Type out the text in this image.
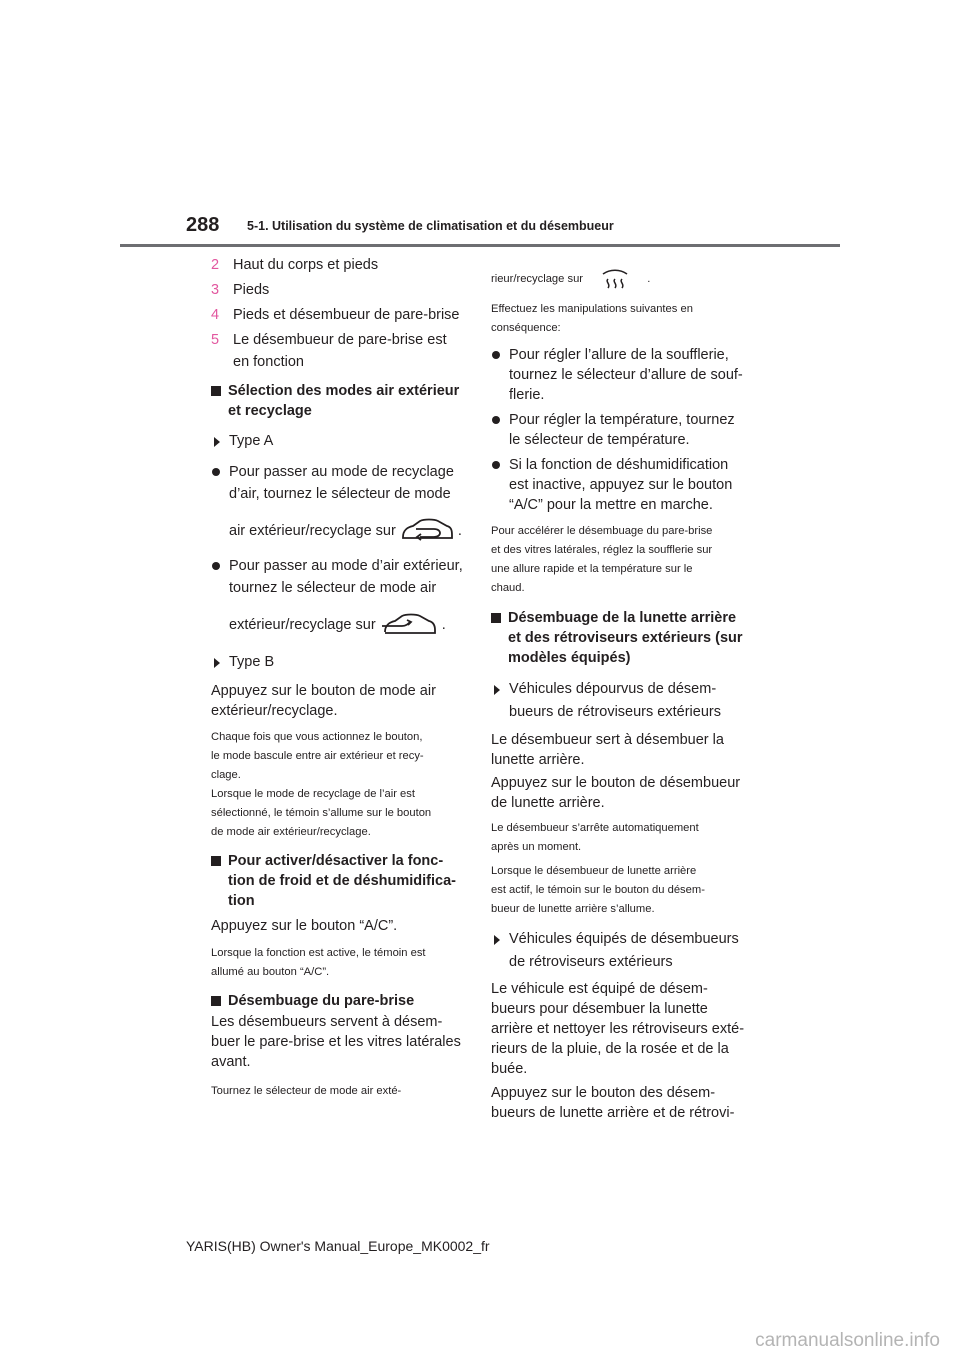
288 5-1. Utilisation du système de climatisation et du désembueur
2 Haut du corps et pieds
3 Pieds
4 Pieds et désembueur de pare-brise
5 Le désembueur de pare-brise est
en fonction
Sélection des modes air extérieur
et recyclage
Type A
Pour passer au mode de recyclage
d’air, tournez le sélecteur de mode
air extérieur/recyclage sur	.
Pour passer au mode d’air extérieur,
tournez le sélecteur de mode air
extérieur/recyclage sur	.
Type B

Appuyez sur le bouton de mode air

extérieur/recyclage.

Chaque fois que vous actionnez le bouton,

le mode bascule entre air extérieur et recy-

clage.

Lorsque le mode de recyclage de l’air est

sélectionné, le témoin s’allume sur le bouton

de mode air extérieur/recyclage.

Pour activer/désactiver la fonc-
tion de froid et de déshumidifica-
tion

Appuyez sur le bouton “A/C”.

Lorsque la fonction est active, le témoin est

allumé au bouton “A/C”.

Désembuage du pare-brise

Les désembueurs servent à désem-

buer le pare-brise et les vitres latérales

avant.

Tournez le sélecteur de mode air exté-

rieur/recyclage sur	.

Effectuez les manipulations suivantes en

conséquence:

Pour régler l’allure de la soufflerie,
tournez le sélecteur d’allure de souf-
flerie.
Pour régler la température, tournez
le sélecteur de température.
Si la fonction de déshumidification
est inactive, appuyez sur le bouton
“A/C” pour la mettre en marche.

Pour accélérer le désembuage du pare-brise

et des vitres latérales, réglez la soufflerie sur

une allure rapide et la température sur le

chaud.

Désembuage de la lunette arrière
et des rétroviseurs extérieurs (sur
modèles équipés)
Véhicules dépourvus de désem-
bueurs de rétroviseurs extérieurs

Le désembueur sert à désembuer la

lunette arrière.

Appuyez sur le bouton de désembueur

de lunette arrière.

Le désembueur s’arrête automatiquement

après un moment.

Lorsque le désembueur de lunette arrière

est actif, le témoin sur le bouton du désem-

bueur de lunette arrière s’allume.

Véhicules équipés de désembueurs
de rétroviseurs extérieurs

Le véhicule est équipé de désem-

bueurs pour désembuer la lunette

arrière et nettoyer les rétroviseurs exté-

rieurs de la pluie, de la rosée et de la

buée.

Appuyez sur le bouton des désem-

bueurs de lunette arrière et de rétrovi-

YARIS(HB) Owner's Manual_Europe_MK0002_fr
carmanualsonline.info
